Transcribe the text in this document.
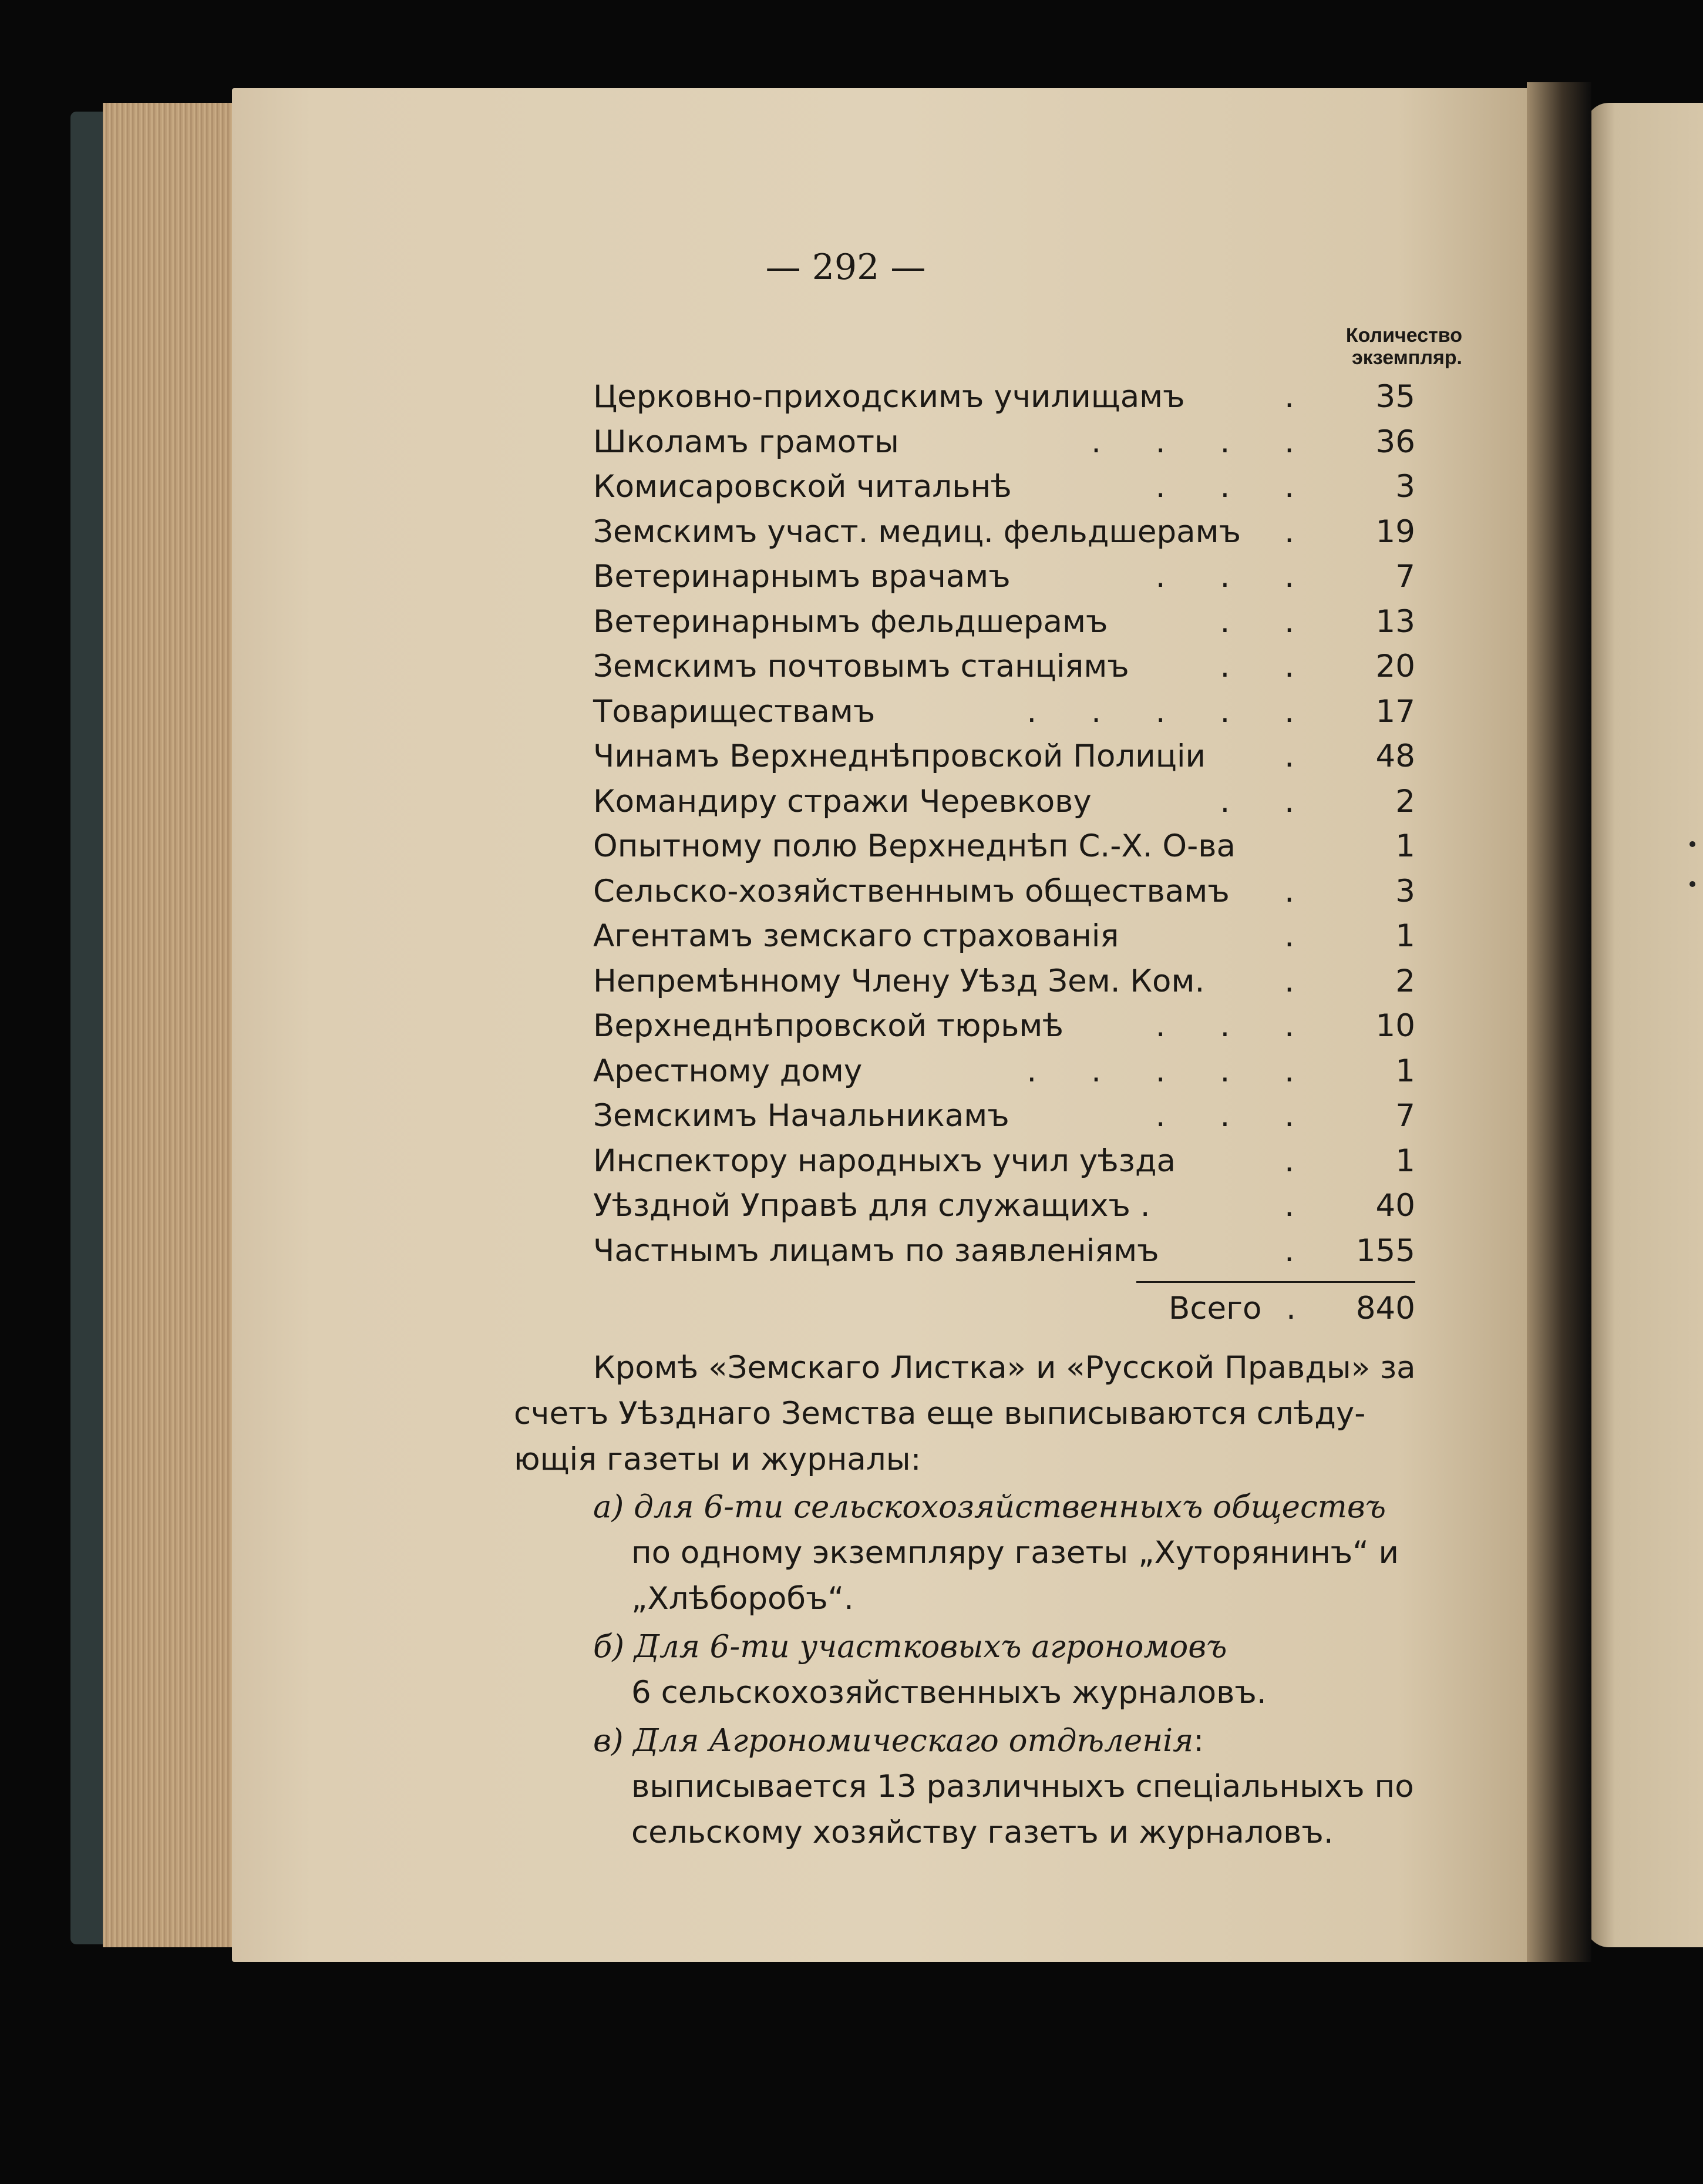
— 292 —
Количество
экземпляр.
Церковно-приходскимъ училищамъ	.	35
Школамъ грамоты	. . . .	36
Комисаровской читальнѣ	. . .	3
Земскимъ участ. медиц. фельдшерамъ .	19
Ветеринарнымъ врачамъ	. . .	7
Ветеринарнымъ фельдшерамъ	. .	13
Земскимъ почтовымъ станціямъ	. .	20
Товариществамъ	. . . . .	17
Чинамъ Верхнеднѣпровской Полиціи	.	48
Командиру стражи Черевкову	. .	2
Опытному полю Верхнеднѣп С.-Х. О-ва	1
Сельско-хозяйственнымъ обществамъ .	3
Агентамъ земскаго страхованія	.	1
Непремѣнному Члену Уѣзд Зем. Ком.	.	2
Верхнеднѣпровской тюрьмѣ	. . .	10
Арестному дому	. . . . .	1
Земскимъ Начальникамъ	. . .	7
Инспектору народныхъ учил уѣзда	.	1
Уѣздной Управѣ для служащихъ .	.	40
Частнымъ лицамъ по заявленіямъ	.	155
Всего .	840
Кромѣ «Земскаго Листка» и «Русской Правды» за
счетъ Уѣзднаго Земства еще выписываются слѣду-
ющія газеты и журналы:
а) для 6-ти сельскохозяйственныхъ обществъ
по одному экземпляру газеты „Хуторянинъ“ и
„Хлѣборобъ“.
б) Для 6-ти участковыхъ агрономовъ
6 сельскохозяйственныхъ журналовъ.
в) Для Агрономическаго отдѣленія:
выписывается 13 различныхъ спеціальныхъ по
сельскому хозяйству газетъ и журналовъ.
